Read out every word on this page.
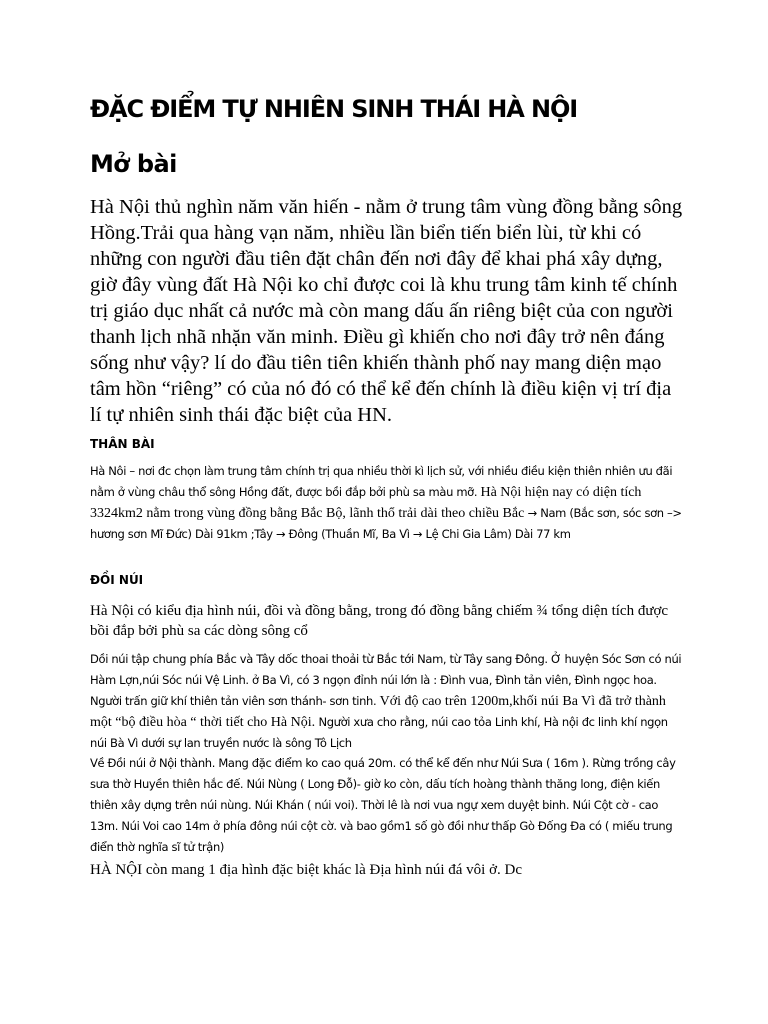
ĐẶC ĐIỂM TỰ NHIÊN SINH THÁI HÀ NỘI
Mở bài

Hà Nội thủ nghìn năm văn hiến - nằm ở trung tâm vùng đồng bằng sông Hồng.Trải qua hàng vạn năm, nhiều lần biển tiến biển lùi, từ khi có những con người đầu tiên đặt chân đến nơi đây để khai phá xây dựng, giờ đây vùng đất Hà Nội ko chỉ được coi là khu trung tâm kinh tế chính trị giáo dục nhất cả nước mà còn mang dấu ấn riêng biệt của con người thanh lịch nhã nhặn văn minh. Điều gì khiến cho nơi đây trở nên đáng sống như vậy? lí do đầu tiên tiên khiến thành phố nay mang diện mạo tâm hồn “riêng” có của nó đó có thể kể đến chính là điều kiện vị trí địa lí tự nhiên sinh thái đặc biệt của HN.

THÂN BÀI

Hà Nôi – nơi đc chọn làm trung tâm chính trị qua nhiều thời kì lịch sử, với nhiều điều kiện thiên nhiên ưu đãi nằm ở vùng châu thổ sông Hồng đất, được bồi đắp bởi phù sa màu mỡ. Hà Nội hiện nay có diện tích 3324km2 nằm trong vùng đồng bằng Bắc Bộ, lãnh thổ trải dài theo chiều Bắc → Nam (Bắc sơn, sóc sơn –> hương sơn Mĩ Đức) Dài 91km ;Tây → Đông (Thuần Mĩ, Ba Vì → Lệ Chi Gia Lâm) Dài 77 km

ĐỒI NÚI

Hà Nội có kiểu địa hình núi, đồi và đồng bằng, trong đó đồng bằng chiếm ¾ tổng diện tích được bồi đắp bởi phù sa các dòng sông cổ

Dồi núi tập chung phía Bắc và Tây dốc thoai thoải từ Bắc tới Nam, từ Tây sang Đông. Ở huyện Sóc Sơn có núi Hàm Lợn,núi Sóc núi Vệ Linh. ở Ba Vì, có 3 ngọn đỉnh núi lớn là : Đình vua, Đình tản viên, Đình ngọc hoa. Người trấn giữ khí thiên tản viên sơn thánh- sơn tinh. Với độ cao trên 1200m,khối núi Ba Vì đã trở thành một “bộ điều hòa “ thời tiết cho Hà Nội. Người xưa cho rằng, núi cao tỏa Linh khí, Hà nội đc linh khí ngọn núi Bà Vì dưới sự lan truyền nước là sông Tô Lịch

Về Đồi núi ở Nội thành. Mang đặc điểm ko cao quá 20m. có thể kể đến như Núi Sưa ( 16m ). Rừng trồng cây sưa thờ Huyền thiên hắc đế. Núi Nùng ( Long Đỗ)- giờ ko còn, dấu tích hoàng thành thăng long, điện kiến thiên xây dựng trên núi nùng. Núi Khán ( núi voi). Thời lê là nơi vua ngự xem duyệt binh. Núi Cột cờ - cao 13m. Núi Voi cao 14m ở phía đông núi cột cờ. và bao gồm1 số gò đồi như thấp Gò Đống Đa có ( miếu trung điển thờ nghĩa sĩ tử trận)

HÀ NỘI còn mang 1 địa hình đặc biệt khác là Địa hình núi đá vôi ở. Dc
